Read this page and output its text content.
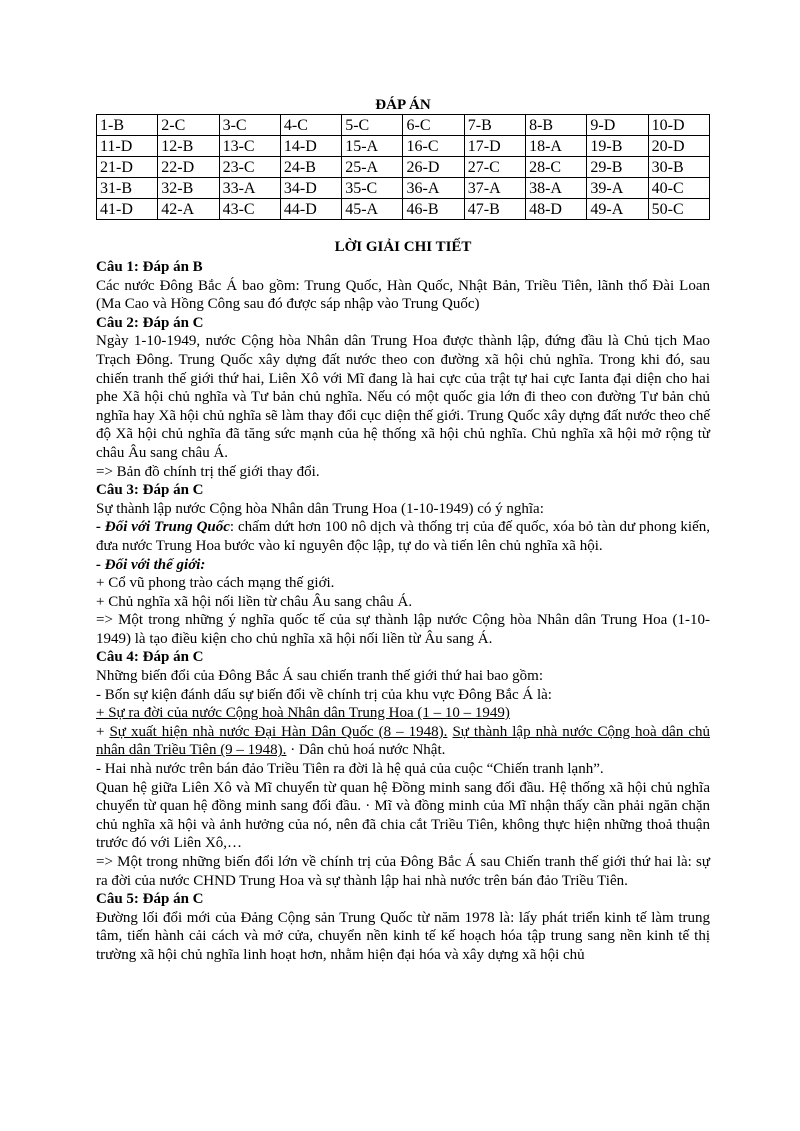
ĐÁP ÁN
1-B	2-C	3-C	4-C	5-C	6-C	7-B	8-B	9-D	10-D
11-D	12-B	13-C	14-D	15-A	16-C	17-D	18-A	19-B	20-D
21-D	22-D	23-C	24-B	25-A	26-D	27-C	28-C	29-B	30-B
31-B	32-B	33-A	34-D	35-C	36-A	37-A	38-A	39-A	40-C
41-D	42-A	43-C	44-D	45-A	46-B	47-B	48-D	49-A	50-C
LỜI GIẢI CHI TIẾT

Câu 1: Đáp án B

Các nước Đông Bắc Á bao gồm: Trung Quốc, Hàn Quốc, Nhật Bản, Triều Tiên, lãnh thổ Đài Loan (Ma Cao và Hồng Công sau đó được sáp nhập vào Trung Quốc)

Câu 2: Đáp án C

Ngày 1-10-1949, nước Cộng hòa Nhân dân Trung Hoa được thành lập, đứng đầu là Chủ tịch Mao Trạch Đông. Trung Quốc xây dựng đất nước theo con đường xã hội chủ nghĩa. Trong khi đó, sau chiến tranh thế giới thứ hai, Liên Xô với Mĩ đang là hai cực của trật tự hai cực Ianta đại diện cho hai phe Xã hội chủ nghĩa và Tư bản chủ nghĩa. Nếu có một quốc gia lớn đi theo con đường Tư bản chủ nghĩa hay Xã hội chủ nghĩa sẽ làm thay đổi cục diện thế giới. Trung Quốc xây dựng đất nước theo chế độ Xã hội chủ nghĩa đã tăng sức mạnh của hệ thống xã hội chủ nghĩa. Chủ nghĩa xã hội mở rộng từ châu Âu sang châu Á.

=> Bản đồ chính trị thế giới thay đổi.

Câu 3: Đáp án C

Sự thành lập nước Cộng hòa Nhân dân Trung Hoa (1-10-1949) có ý nghĩa:

- Đối với Trung Quốc: chấm dứt hơn 100 nô dịch và thống trị của đế quốc, xóa bỏ tàn dư phong kiến, đưa nước Trung Hoa bước vào kỉ nguyên độc lập, tự do và tiến lên chủ nghĩa xã hội.

- Đối với thế giới:

+ Cổ vũ phong trào cách mạng thế giới.

+ Chủ nghĩa xã hội nối liền từ châu Âu sang châu Á.

=> Một trong những ý nghĩa quốc tế của sự thành lập nước Cộng hòa Nhân dân Trung Hoa (1-10-1949) là tạo điều kiện cho chủ nghĩa xã hội nối liền từ Âu sang Á.

Câu 4: Đáp án C

Những biến đổi của Đông Bắc Á sau chiến tranh thế giới thứ hai bao gồm:

- Bốn sự kiện đánh dấu sự biến đổi về chính trị của khu vực Đông Bắc Á là:

+ Sự ra đời của nước Cộng hoà Nhân dân Trung Hoa (1 – 10 – 1949)

+ Sự xuất hiện nhà nước Đại Hàn Dân Quốc (8 – 1948). Sự thành lập nhà nước Cộng hoà dân chủ nhân dân Triều Tiên (9 – 1948). · Dân chủ hoá nước Nhật.

- Hai nhà nước trên bán đảo Triều Tiên ra đời là hệ quả của cuộc “Chiến tranh lạnh”.

Quan hệ giữa Liên Xô và Mĩ chuyển từ quan hệ Đồng minh sang đối đầu. Hệ thống xã hội chủ nghĩa chuyển từ quan hệ đồng minh sang đối đầu. · Mĩ và đồng minh của Mĩ nhận thấy cần phải ngăn chặn chủ nghĩa xã hội và ảnh hưởng của nó, nên đã chia cắt Triều Tiên, không thực hiện những thoả thuận trước đó với Liên Xô,…

=> Một trong những biến đổi lớn về chính trị của Đông Bắc Á sau Chiến tranh thế giới thứ hai là: sự ra đời của nước CHND Trung Hoa và sự thành lập hai nhà nước trên bán đảo Triều Tiên.

Câu 5: Đáp án C

Đường lối đổi mới của Đảng Cộng sản Trung Quốc từ năm 1978 là: lấy phát triển kinh tế làm trung tâm, tiến hành cải cách và mở cửa, chuyển nền kinh tế kế hoạch hóa tập trung sang nền kinh tế thị trường xã hội chủ nghĩa linh hoạt hơn, nhằm hiện đại hóa và xây dựng xã hội chủ
